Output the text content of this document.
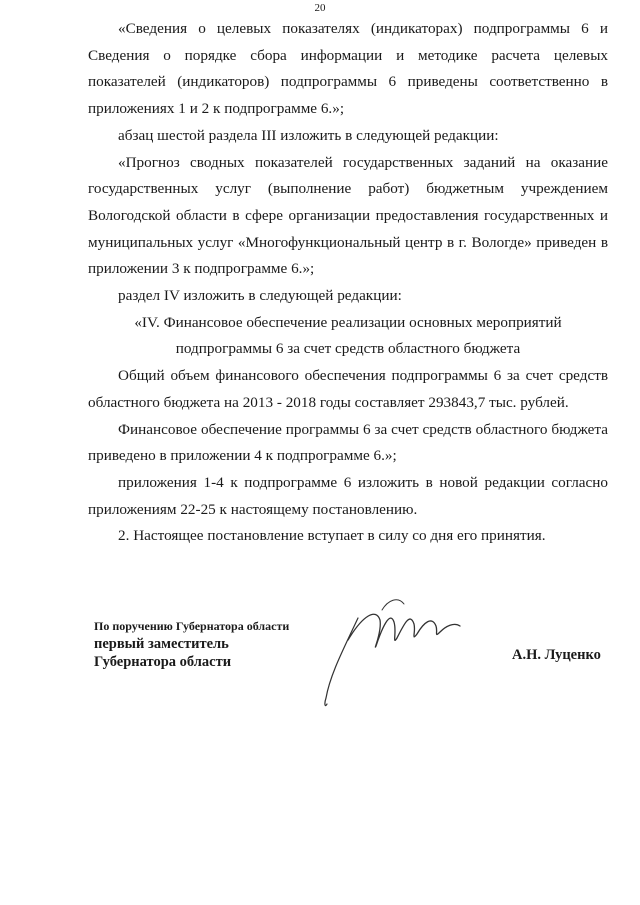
20

«Сведения о целевых показателях (индикаторах) подпрограммы 6 и Сведения о порядке сбора информации и методике расчета целевых показателей (индикаторов) подпрограммы 6 приведены соответственно в приложениях 1 и 2 к подпрограмме 6.»;

абзац шестой раздела III изложить в следующей редакции:

«Прогноз сводных показателей государственных заданий на оказание государственных услуг (выполнение работ) бюджетным учреждением Вологодской области в сфере организации предоставления государственных и муниципальных услуг «Многофункциональный центр в г. Вологде» приведен в приложении 3 к подпрограмме 6.»;

раздел IV изложить в следующей редакции:

«IV. Финансовое обеспечение реализации основных мероприятий подпрограммы 6 за счет средств областного бюджета

Общий объем финансового обеспечения подпрограммы 6 за счет средств областного бюджета на 2013 - 2018 годы составляет 293843,7 тыс. рублей.

Финансовое обеспечение программы 6 за счет средств областного бюджета приведено в приложении 4 к подпрограмме 6.»;

приложения 1-4 к подпрограмме 6 изложить в новой редакции согласно приложениям 22-25 к настоящему постановлению.

2. Настоящее постановление вступает в силу со дня его принятия.

По поручению Губернатора области
первый заместитель
Губернатора области	А.Н. Луценко
